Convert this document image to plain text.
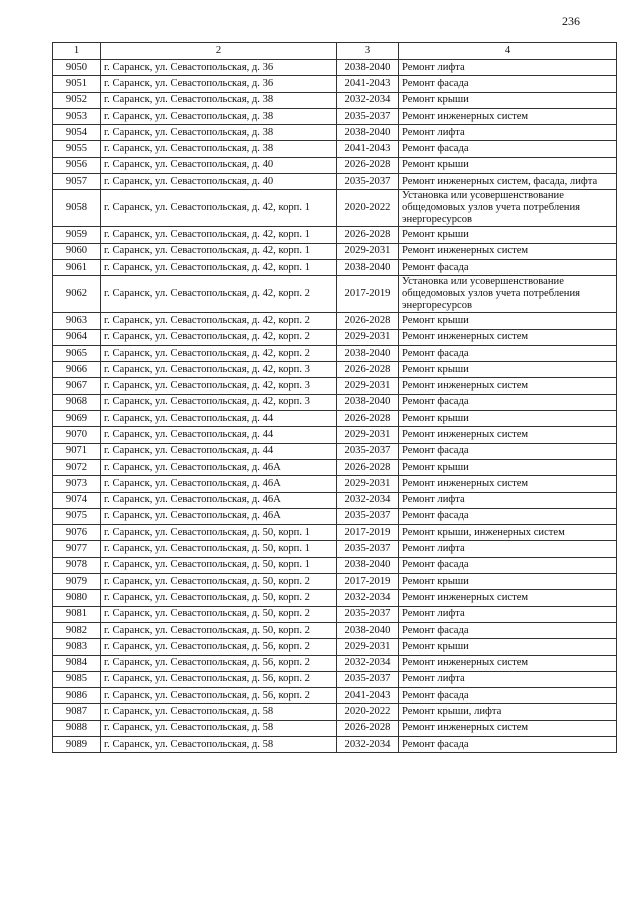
236
1	2	3	4
9050	г. Саранск, ул. Севастопольская, д. 36	2038-2040	Ремонт лифта
9051	г. Саранск, ул. Севастопольская, д. 36	2041-2043	Ремонт фасада
9052	г. Саранск, ул. Севастопольская, д. 38	2032-2034	Ремонт крыши
9053	г. Саранск, ул. Севастопольская, д. 38	2035-2037	Ремонт инженерных систем
9054	г. Саранск, ул. Севастопольская, д. 38	2038-2040	Ремонт лифта
9055	г. Саранск, ул. Севастопольская, д. 38	2041-2043	Ремонт фасада
9056	г. Саранск, ул. Севастопольская, д. 40	2026-2028	Ремонт крыши
9057	г. Саранск, ул. Севастопольская, д. 40	2035-2037	Ремонт инженерных систем, фасада, лифта
9058	г. Саранск, ул. Севастопольская, д. 42, корп. 1	2020-2022	Установка или усовершенствование общедомовых узлов учета потребления энергоресурсов
9059	г. Саранск, ул. Севастопольская, д. 42, корп. 1	2026-2028	Ремонт крыши
9060	г. Саранск, ул. Севастопольская, д. 42, корп. 1	2029-2031	Ремонт инженерных систем
9061	г. Саранск, ул. Севастопольская, д. 42, корп. 1	2038-2040	Ремонт фасада
9062	г. Саранск, ул. Севастопольская, д. 42, корп. 2	2017-2019	Установка или усовершенствование общедомовых узлов учета потребления энергоресурсов
9063	г. Саранск, ул. Севастопольская, д. 42, корп. 2	2026-2028	Ремонт крыши
9064	г. Саранск, ул. Севастопольская, д. 42, корп. 2	2029-2031	Ремонт инженерных систем
9065	г. Саранск, ул. Севастопольская, д. 42, корп. 2	2038-2040	Ремонт фасада
9066	г. Саранск, ул. Севастопольская, д. 42, корп. 3	2026-2028	Ремонт крыши
9067	г. Саранск, ул. Севастопольская, д. 42, корп. 3	2029-2031	Ремонт инженерных систем
9068	г. Саранск, ул. Севастопольская, д. 42, корп. 3	2038-2040	Ремонт фасада
9069	г. Саранск, ул. Севастопольская, д. 44	2026-2028	Ремонт крыши
9070	г. Саранск, ул. Севастопольская, д. 44	2029-2031	Ремонт инженерных систем
9071	г. Саранск, ул. Севастопольская, д. 44	2035-2037	Ремонт фасада
9072	г. Саранск, ул. Севастопольская, д. 46А	2026-2028	Ремонт крыши
9073	г. Саранск, ул. Севастопольская, д. 46А	2029-2031	Ремонт инженерных систем
9074	г. Саранск, ул. Севастопольская, д. 46А	2032-2034	Ремонт лифта
9075	г. Саранск, ул. Севастопольская, д. 46А	2035-2037	Ремонт фасада
9076	г. Саранск, ул. Севастопольская, д. 50, корп. 1	2017-2019	Ремонт крыши, инженерных систем
9077	г. Саранск, ул. Севастопольская, д. 50, корп. 1	2035-2037	Ремонт лифта
9078	г. Саранск, ул. Севастопольская, д. 50, корп. 1	2038-2040	Ремонт фасада
9079	г. Саранск, ул. Севастопольская, д. 50, корп. 2	2017-2019	Ремонт крыши
9080	г. Саранск, ул. Севастопольская, д. 50, корп. 2	2032-2034	Ремонт инженерных систем
9081	г. Саранск, ул. Севастопольская, д. 50, корп. 2	2035-2037	Ремонт лифта
9082	г. Саранск, ул. Севастопольская, д. 50, корп. 2	2038-2040	Ремонт фасада
9083	г. Саранск, ул. Севастопольская, д. 56, корп. 2	2029-2031	Ремонт крыши
9084	г. Саранск, ул. Севастопольская, д. 56, корп. 2	2032-2034	Ремонт инженерных систем
9085	г. Саранск, ул. Севастопольская, д. 56, корп. 2	2035-2037	Ремонт лифта
9086	г. Саранск, ул. Севастопольская, д. 56, корп. 2	2041-2043	Ремонт фасада
9087	г. Саранск, ул. Севастопольская, д. 58	2020-2022	Ремонт крыши, лифта
9088	г. Саранск, ул. Севастопольская, д. 58	2026-2028	Ремонт инженерных систем
9089	г. Саранск, ул. Севастопольская, д. 58	2032-2034	Ремонт фасада
